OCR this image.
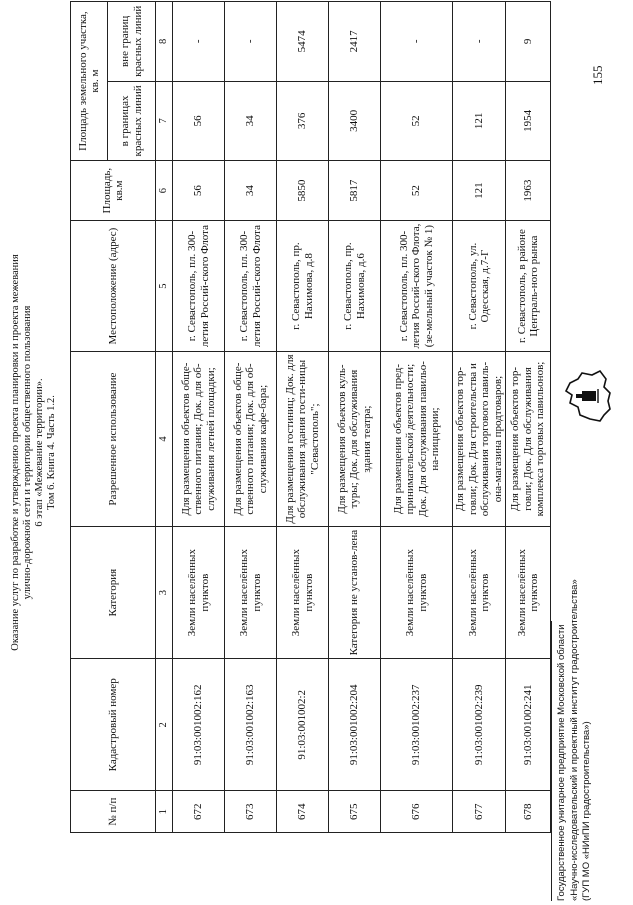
Оказание услуг по разработке и утверждению проекта планировки и проекта межевания улично-дорожной сети и территории общественного пользования 6 этап «Межевание территории». Том 6. Книга 4. Часть 1.2.
№ п/п	Кадастровый номер	Категория	Разрешенное использование	Местоположение (адрес)	Площадь, кв.м	Площадь земельного участка, кв. м	
						в границах красных линий	вне границ красных линий
1	2	3	4	5	6	7	8
672	91:03:001002:162	Земли населённых пунктов	Для размещения объектов обще-ственного питания; Док. для об-служивания летней площадки;	г. Севастополь, пл. 300-летия Россий-ского Флота	56	56	-
673	91:03:001002:163	Земли населённых пунктов	Для размещения объектов обще-ственного питания; Док. для об-служивания кафе-бара;	г. Севастополь, пл. 300-летия Россий-ского Флота	34	34	-
674	91:03:001002:2	Земли населённых пунктов	Для размещения гостиниц; Док. для обслуживания здания гости-ницы "Севастополь";	г. Севастополь, пр. Нахимова, д.8	5850	376	5474
675	91:03:001002:204	Категория не установ-лена	Для размещения объектов куль-туры; Док. для обслуживания здания театра;	г. Севастополь, пр. Нахимова, д.6	5817	3400	2417
676	91:03:001002:237	Земли населённых пунктов	Для размещения объектов пред-принимательской деятельности; Док. Для обслуживания павильо-на-пиццерии;	г. Севастополь, пл. 300-летия Россий-ского Флота, (зе-мельный участок № 1)	52	52	-
677	91:03:001002:239	Земли населённых пунктов	Для размещения объектов тор-говли; Док. Для строительства и обслуживания торгового павиль-она-магазина продтоваров;	г. Севастополь, ул. Одесская, д.7-Г	121	121	-
678	91:03:001002:241	Земли населённых пунктов	Для размещения объектов тор-говли; Док. Для обслуживания комплекса торговых павильонов;	г. Севастополь, в районе Централь-ного рынка	1963	1954	9
Государственное унитарное предприятие Московской области «Научно-исследовательский и проектный институт градостроительства» (ГУП МО «НИиПИ градостроительства»)
155
